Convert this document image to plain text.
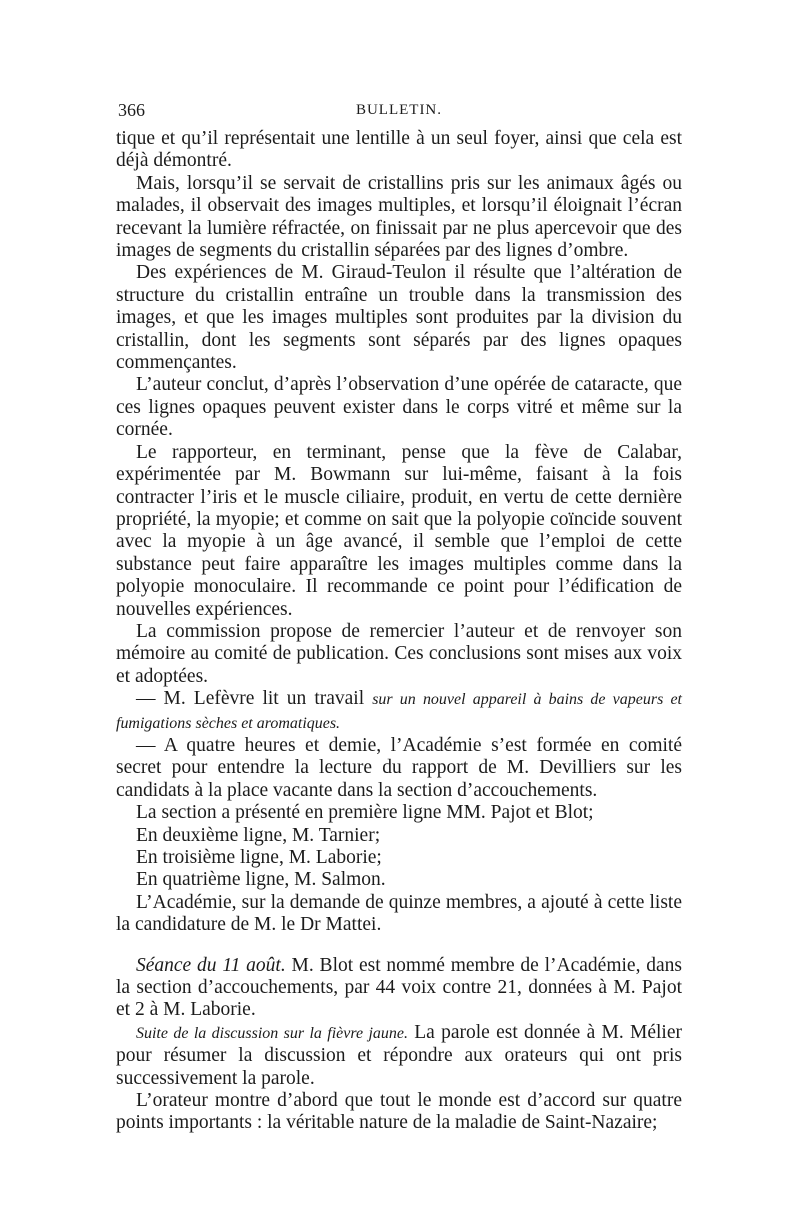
366	BULLETIN.

tique et qu’il représentait une lentille à un seul foyer, ainsi que cela est déjà démontré.

Mais, lorsqu’il se servait de cristallins pris sur les animaux âgés ou malades, il observait des images multiples, et lorsqu’il éloignait l’écran recevant la lumière réfractée, on finissait par ne plus apercevoir que des images de segments du cristallin séparées par des lignes d’ombre.

Des expériences de M. Giraud-Teulon il résulte que l’altération de structure du cristallin entraîne un trouble dans la transmission des images, et que les images multiples sont produites par la division du cristallin, dont les segments sont séparés par des lignes opaques commençantes.

L’auteur conclut, d’après l’observation d’une opérée de cataracte, que ces lignes opaques peuvent exister dans le corps vitré et même sur la cornée.

Le rapporteur, en terminant, pense que la fève de Calabar, expérimentée par M. Bowmann sur lui-même, faisant à la fois contracter l’iris et le muscle ciliaire, produit, en vertu de cette dernière propriété, la myopie; et comme on sait que la polyopie coïncide souvent avec la myopie à un âge avancé, il semble que l’emploi de cette substance peut faire apparaître les images multiples comme dans la polyopie monoculaire. Il recommande ce point pour l’édification de nouvelles expériences.

La commission propose de remercier l’auteur et de renvoyer son mémoire au comité de publication. Ces conclusions sont mises aux voix et adoptées.

— M. Lefèvre lit un travail sur un nouvel appareil à bains de vapeurs et fumigations sèches et aromatiques.

— A quatre heures et demie, l’Académie s’est formée en comité secret pour entendre la lecture du rapport de M. Devilliers sur les candidats à la place vacante dans la section d’accouchements.

La section a présenté en première ligne MM. Pajot et Blot;

En deuxième ligne, M. Tarnier;

En troisième ligne, M. Laborie;

En quatrième ligne, M. Salmon.

L’Académie, sur la demande de quinze membres, a ajouté à cette liste la candidature de M. le Dr Mattei.

Séance du 11 août. M. Blot est nommé membre de l’Académie, dans la section d’accouchements, par 44 voix contre 21, données à M. Pajot et 2 à M. Laborie.

Suite de la discussion sur la fièvre jaune. La parole est donnée à M. Mélier pour résumer la discussion et répondre aux orateurs qui ont pris successivement la parole.

L’orateur montre d’abord que tout le monde est d’accord sur quatre points importants : la véritable nature de la maladie de Saint-Nazaire;
